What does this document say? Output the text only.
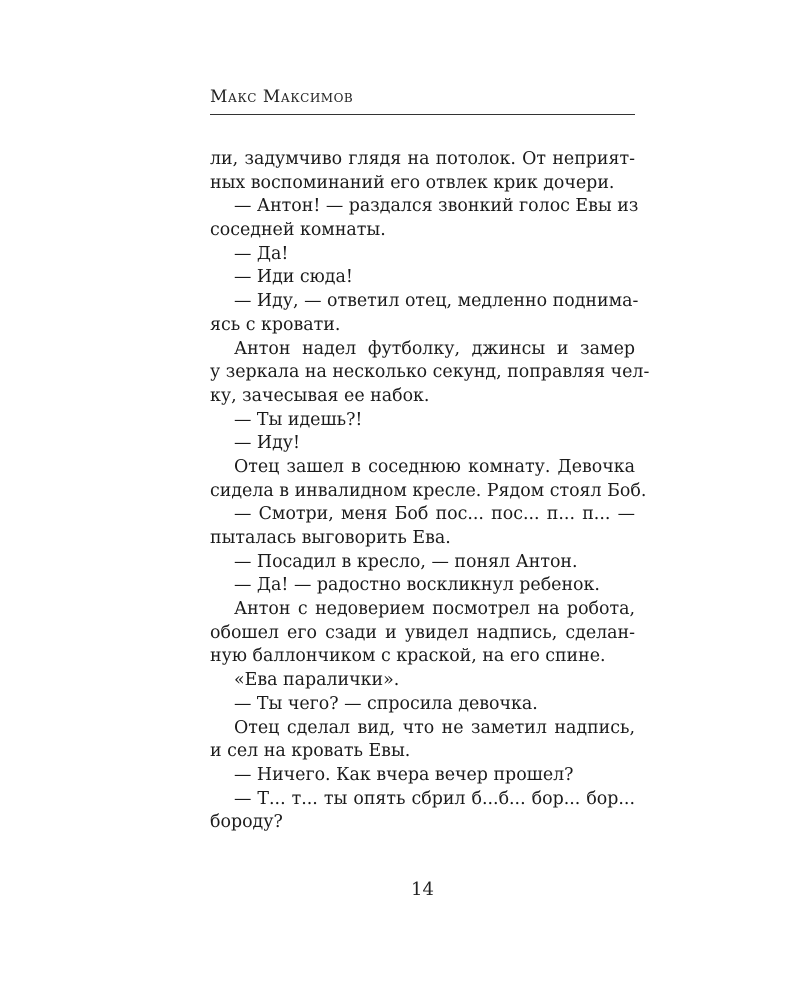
Макс Максимов
ли, задумчиво глядя на потолок. От неприят-
ных воспоминаний его отвлек крик дочери.
— Антон! — раздался звонкий голос Евы из
соседней комнаты.
— Да!
— Иди сюда!
— Иду, — ответил отец, медленно поднима-
ясь с кровати.
Антон надел футболку, джинсы и замер
у зеркала на несколько секунд, поправляя чел-
ку, зачесывая ее набок.
— Ты идешь?!
— Иду!
Отец зашел в соседнюю комнату. Девочка
сидела в инвалидном кресле. Рядом стоял Боб.
— Смотри, меня Боб пос... пос... п... п... —
пыталась выговорить Ева.
— Посадил в кресло, — понял Антон.
— Да! — радостно воскликнул ребенок.
Антон с недоверием посмотрел на робота,
обошел его сзади и увидел надпись, сделан-
ную баллончиком с краской, на его спине.
«Ева паралички».
— Ты чего? — спросила девочка.
Отец сделал вид, что не заметил надпись,
и сел на кровать Евы.
— Ничего. Как вчера вечер прошел?
— Т... т... ты опять сбрил б...б... бор... бор...
бороду?
14
